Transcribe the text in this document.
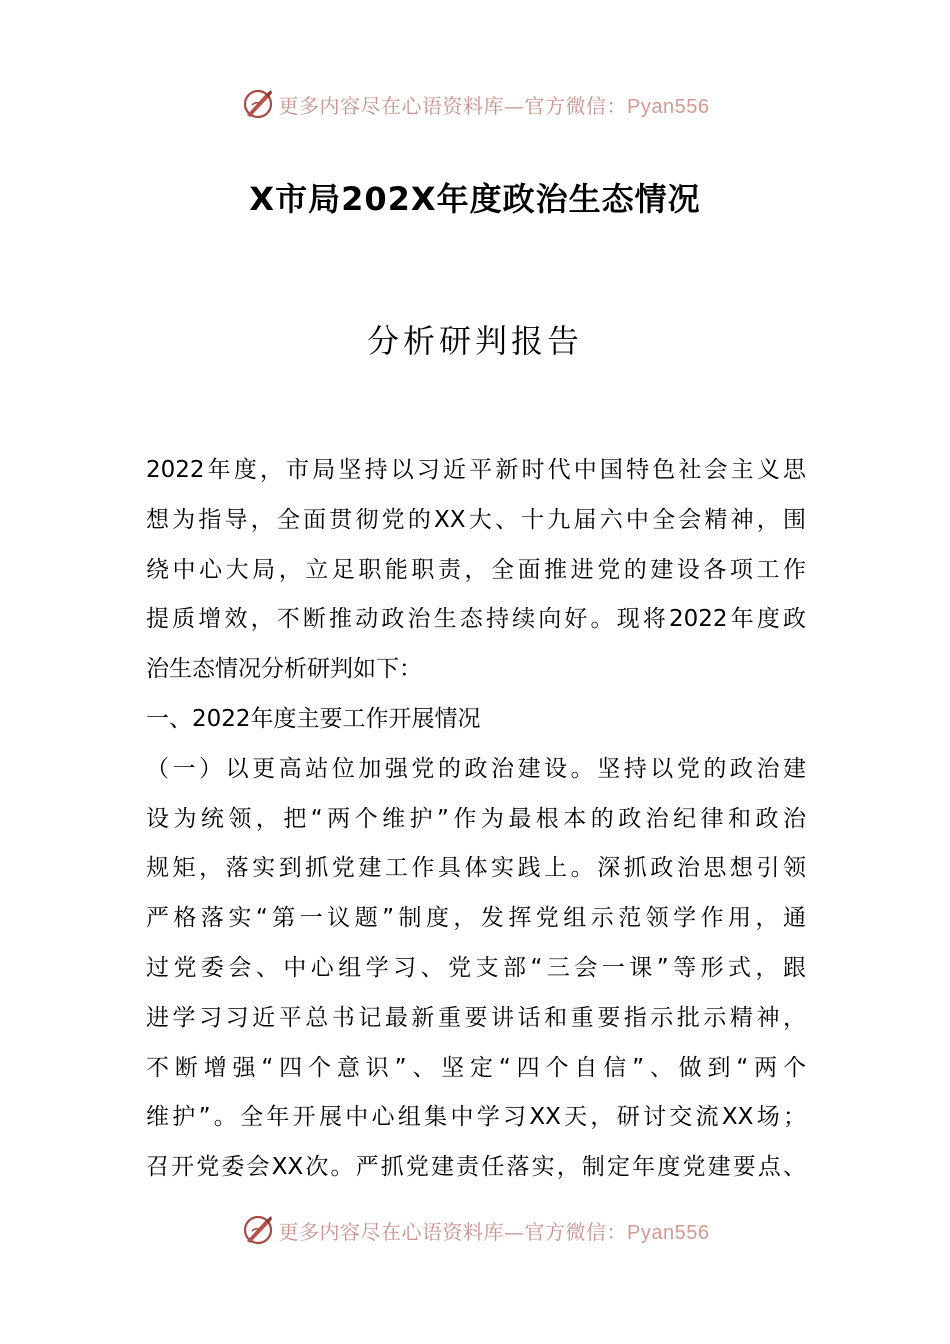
更多内容尽在心语资料库—官方微信：Pyan556
X市局202X年度政治生态情况
分析研判报告
2022年度，市局坚持以习近平新时代中国特色社会主义思
想为指导，全面贯彻党的XX大、十九届六中全会精神，围
绕中心大局，立足职能职责，全面推进党的建设各项工作
提质增效，不断推动政治生态持续向好。现将2022年度政
治生态情况分析研判如下：
一、2022年度主要工作开展情况
（一）以更高站位加强党的政治建设。坚持以党的政治建
设为统领，把“两个维护”作为最根本的政治纪律和政治
规矩，落实到抓党建工作具体实践上。深抓政治思想引领
严格落实“第一议题”制度，发挥党组示范领学作用，通
过党委会、中心组学习、党支部“三会一课”等形式，跟
进学习习近平总书记最新重要讲话和重要指示批示精神，
不断增强“四个意识”、坚定“四个自信”、做到“两个
维护”。全年开展中心组集中学习XX天，研讨交流XX场；
召开党委会XX次。严抓党建责任落实，制定年度党建要点、
更多内容尽在心语资料库—官方微信：Pyan556
